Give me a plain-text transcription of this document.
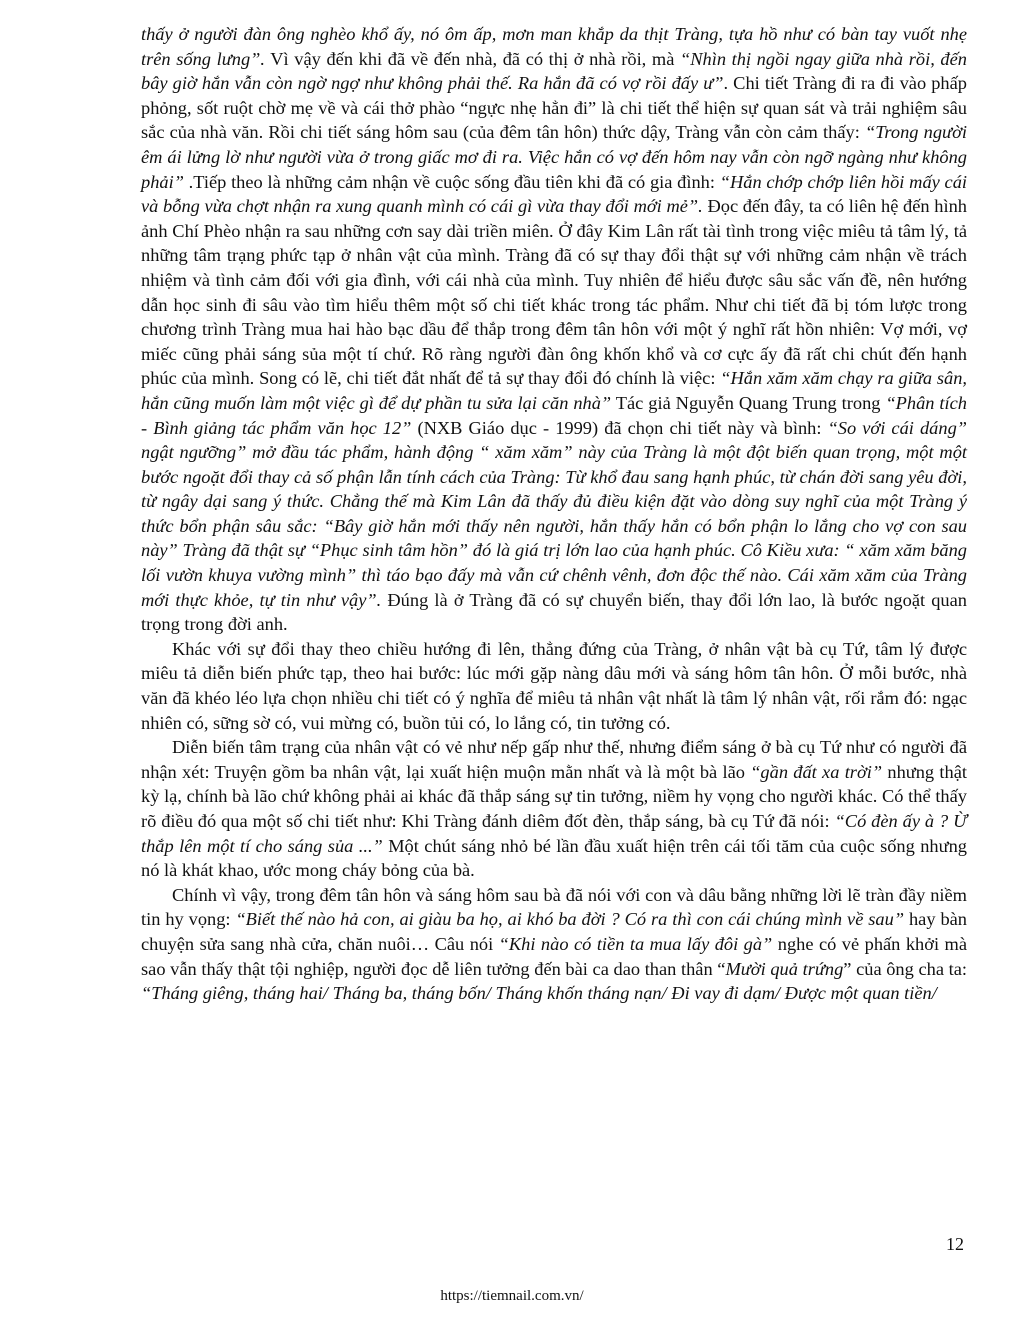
thấy ở người đàn ông nghèo khổ ấy, nó ôm ấp, mơn man khắp da thịt Tràng, tựa hồ như có bàn tay vuốt nhẹ trên sống lưng”. Vì vậy đến khi đã về đến nhà, đã có thị ở nhà rồi, mà “Nhìn thị ngồi ngay giữa nhà rồi, đến bây giờ hắn vẫn còn ngờ ngợ như không phải thế. Ra hắn đã có vợ rồi đấy ư”. Chi tiết Tràng đi ra đi vào phấp phỏng, sốt ruột chờ mẹ về và cái thở phào “ngực nhẹ hẳn đi” là chi tiết thể hiện sự quan sát và trải nghiệm sâu sắc của nhà văn. Rồi chi tiết sáng hôm sau (của đêm tân hôn) thức dậy, Tràng vẫn còn cảm thấy: “Trong người êm ái lửng lờ như người vừa ở trong giấc mơ đi ra. Việc hắn có vợ đến hôm nay vẫn còn ngỡ ngàng như không phải” .Tiếp theo là những cảm nhận về cuộc sống đầu tiên khi đã có gia đình: “Hắn chớp chớp liên hồi mấy cái và bỗng vừa chợt nhận ra xung quanh mình có cái gì vừa thay đổi mới mẻ”. Đọc đến đây, ta có liên hệ đến hình ảnh Chí Phèo nhận ra sau những cơn say dài triền miên. Ở đây Kim Lân rất tài tình trong việc miêu tả tâm lý, tả những tâm trạng phức tạp ở nhân vật của mình. Tràng đã có sự thay đổi thật sự với những cảm nhận về trách nhiệm và tình cảm đối với gia đình, với cái nhà của mình. Tuy nhiên để hiểu được sâu sắc vấn đề, nên hướng dẫn học sinh đi sâu vào tìm hiểu thêm một số chi tiết khác trong tác phẩm. Như chi tiết đã bị tóm lược trong chương trình Tràng mua hai hào bạc dầu để thắp trong đêm tân hôn với một ý nghĩ rất hồn nhiên: Vợ mới, vợ miếc cũng phải sáng sủa một tí chứ. Rõ ràng người đàn ông khốn khổ và cơ cực ấy đã rất chi chút đến hạnh phúc của mình. Song có lẽ, chi tiết đắt nhất để tả sự thay đổi đó chính là việc: “Hắn xăm xăm chạy ra giữa sân, hắn cũng muốn làm một việc gì để dự phần tu sửa lại căn nhà” Tác giả Nguyễn Quang Trung trong “Phân tích - Bình giảng tác phẩm văn học 12” (NXB Giáo dục - 1999) đã chọn chi tiết này và bình: “So với cái dáng” ngật ngưỡng” mở đầu tác phẩm, hành động “ xăm xăm” này của Tràng là một đột biến quan trọng, một một bước ngoặt đổi thay cả số phận lẫn tính cách của Tràng: Từ khổ đau sang hạnh phúc, từ chán đời sang yêu đời, từ ngây dại sang ý thức. Chẳng thế mà Kim Lân đã thấy đủ điều kiện đặt vào dòng suy nghĩ của một Tràng ý thức bổn phận sâu sắc: “Bây giờ hắn mới thấy nên người, hắn thấy hắn có bổn phận lo lắng cho vợ con sau này” Tràng đã thật sự “Phục sinh tâm hồn” đó là giá trị lớn lao của hạnh phúc. Cô Kiều xưa: “ xăm xăm băng lối vườn khuya vường mình” thì táo bạo đấy mà vẫn cứ chênh vênh, đơn độc thế nào. Cái xăm xăm của Tràng mới thực khỏe, tự tin như vậy”. Đúng là ở Tràng đã có sự chuyển biến, thay đổi lớn lao, là bước ngoặt quan trọng trong đời anh.

Khác với sự đổi thay theo chiều hướng đi lên, thẳng đứng của Tràng, ở nhân vật bà cụ Tứ, tâm lý được miêu tả diễn biến phức tạp, theo hai bước: lúc mới gặp nàng dâu mới và sáng hôm tân hôn. Ở mỗi bước, nhà văn đã khéo léo lựa chọn nhiều chi tiết có ý nghĩa để miêu tả nhân vật nhất là tâm lý nhân vật, rối rắm đó: ngạc nhiên có, sững sờ có, vui mừng có, buồn tủi có, lo lắng có, tin tưởng có.

Diễn biến tâm trạng của nhân vật có vẻ như nếp gấp như thế, nhưng điểm sáng ở bà cụ Tứ như có người đã nhận xét: Truyện gồm ba nhân vật, lại xuất hiện muộn mằn nhất và là một bà lão “gần đất xa trời” nhưng thật kỳ lạ, chính bà lão chứ không phải ai khác đã thắp sáng sự tin tưởng, niềm hy vọng cho người khác. Có thể thấy rõ điều đó qua một số chi tiết như: Khi Tràng đánh diêm đốt đèn, thắp sáng, bà cụ Tứ đã nói: “Có đèn ấy à ? Ừ thắp lên một tí cho sáng sủa ...” Một chút sáng nhỏ bé lần đầu xuất hiện trên cái tối tăm của cuộc sống nhưng nó là khát khao, ước mong cháy bỏng của bà.

Chính vì vậy, trong đêm tân hôn và sáng hôm sau bà đã nói với con và dâu bằng những lời lẽ tràn đầy niềm tin hy vọng: “Biết thế nào hả con, ai giàu ba họ, ai khó ba đời ? Có ra thì con cái chúng mình về sau” hay bàn chuyện sửa sang nhà cửa, chăn nuôi… Câu nói “Khi nào có tiền ta mua lấy đôi gà” nghe có vẻ phấn khởi mà sao vẫn thấy thật tội nghiệp, người đọc dễ liên tưởng đến bài ca dao than thân “Mười quả trứng” của ông cha ta: “Tháng giêng, tháng hai/ Tháng ba, tháng bốn/ Tháng khốn tháng nạn/ Đi vay đi dạm/ Được một quan tiền/

12
https://tiemnail.com.vn/
